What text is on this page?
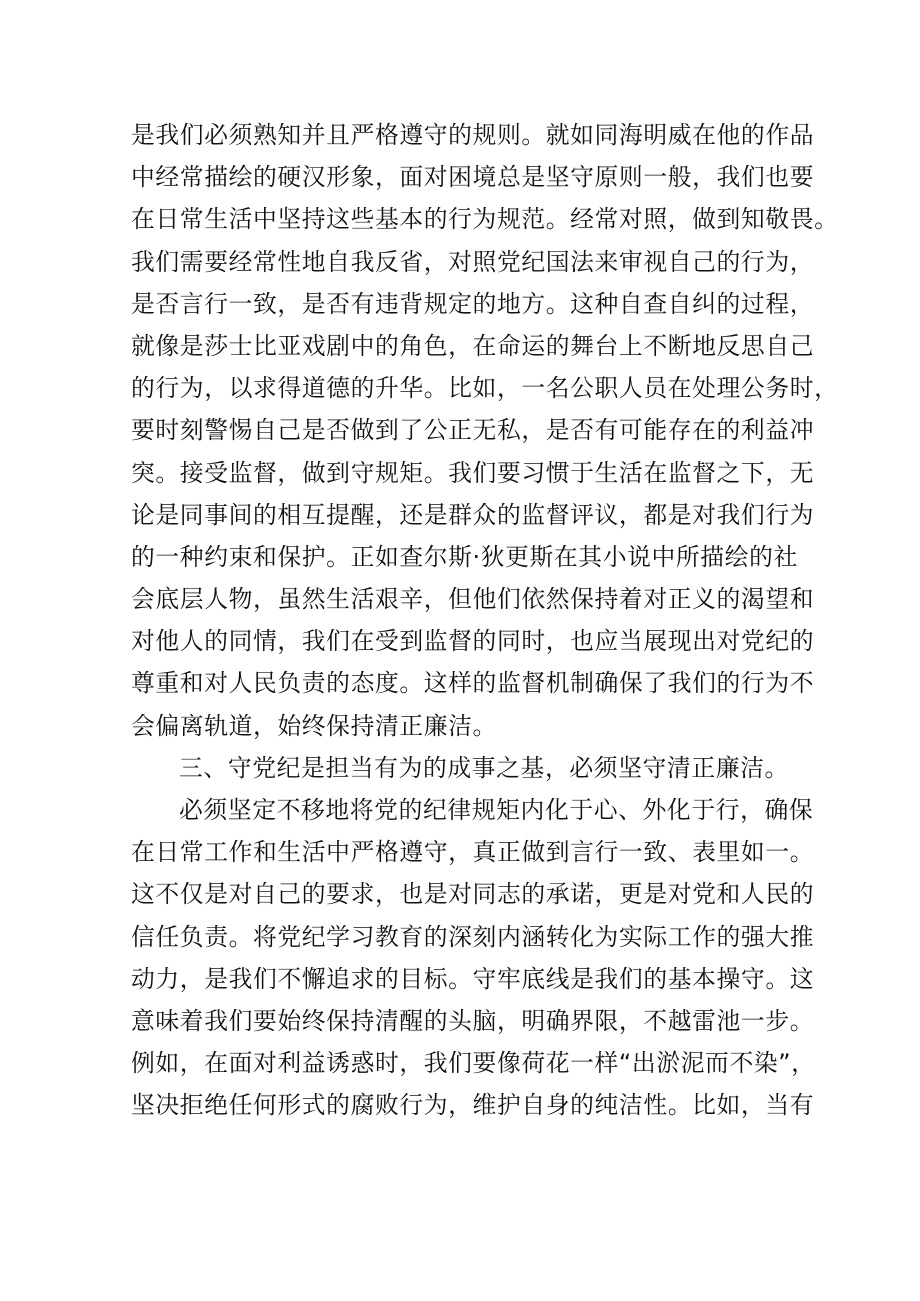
是我们必须熟知并且严格遵守的规则。就如同海明威在他的作品
中经常描绘的硬汉形象，面对困境总是坚守原则一般，我们也要
在日常生活中坚持这些基本的行为规范。经常对照，做到知敬畏。
我们需要经常性地自我反省，对照党纪国法来审视自己的行为，
是否言行一致，是否有违背规定的地方。这种自查自纠的过程，
就像是莎士比亚戏剧中的角色，在命运的舞台上不断地反思自己
的行为，以求得道德的升华。比如，一名公职人员在处理公务时，
要时刻警惕自己是否做到了公正无私，是否有可能存在的利益冲
突。接受监督，做到守规矩。我们要习惯于生活在监督之下，无
论是同事间的相互提醒，还是群众的监督评议，都是对我们行为
的一种约束和保护。正如查尔斯·狄更斯在其小说中所描绘的社
会底层人物，虽然生活艰辛，但他们依然保持着对正义的渴望和
对他人的同情，我们在受到监督的同时，也应当展现出对党纪的
尊重和对人民负责的态度。这样的监督机制确保了我们的行为不
会偏离轨道，始终保持清正廉洁。
三、守党纪是担当有为的成事之基，必须坚守清正廉洁。
必须坚定不移地将党的纪律规矩内化于心、外化于行，确保
在日常工作和生活中严格遵守，真正做到言行一致、表里如一。
这不仅是对自己的要求，也是对同志的承诺，更是对党和人民的
信任负责。将党纪学习教育的深刻内涵转化为实际工作的强大推
动力，是我们不懈追求的目标。守牢底线是我们的基本操守。这
意味着我们要始终保持清醒的头脑，明确界限，不越雷池一步。
例如，在面对利益诱惑时，我们要像荷花一样“出淤泥而不染”，
坚决拒绝任何形式的腐败行为，维护自身的纯洁性。比如，当有
